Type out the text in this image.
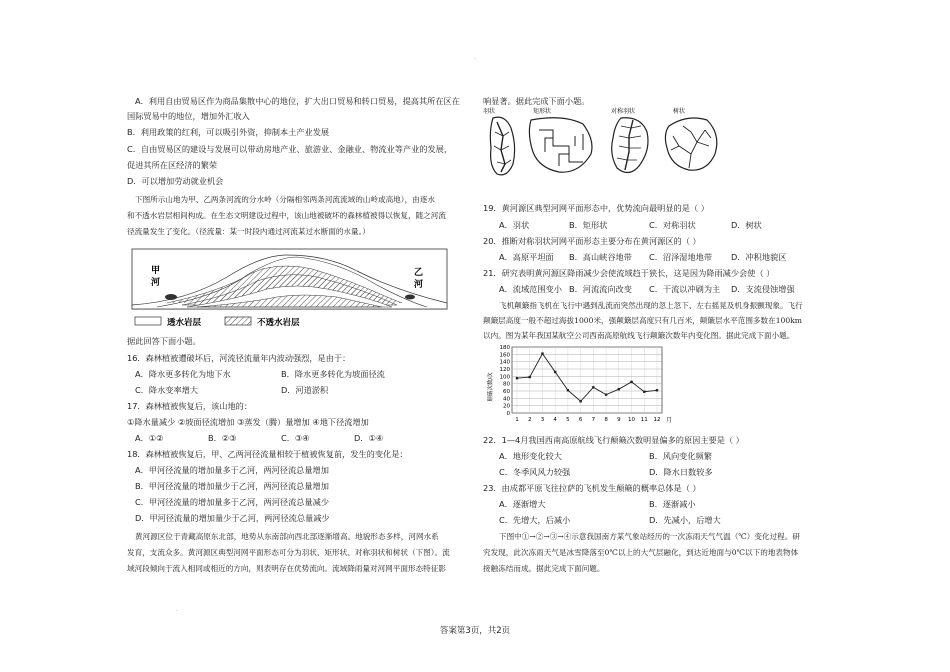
·
A．利用自由贸易区作为商品集散中心的地位，扩大出口贸易和转口贸易，提高其所在区在
国际贸易中的地位，增加外汇收入
B．利用政策的红利，可以吸引外资，抑制本土产业发展
C．自由贸易区的建设与发展可以带动房地产业、旅游业、金融业、物流业等产业的发展，
促进其所在区经济的繁荣
D．可以增加劳动就业机会
下图所示山地为甲、乙两条河流的分水岭（分隔相邻两条河流流域的山岭或高地），由逐水
和不透水岩层相间构成。在生态文明建设过程中，该山地被破坏的森林植被得以恢复，随之河流
径流量发生了变化。（径流量：某一时段内通过河流某过水断面的水量。）
甲
河
乙
河
透水岩层	不透水岩层
据此回答下面小题。
16．森林植被遭破坏后，河流径流量年内波动强烈，是由于：
A．降水更多转化为地下水	B．降水更多转化为坡面径流
C．降水变率增大	D．河道淤积
17．森林植被恢复后，该山地的：
①降水量减少 ②坡面径流增加 ③蒸发（腾）量增加 ④地下径流增加
A．①②	B．②③	C．③④	D．①④
18．森林植被恢复后，甲、乙两河径流量相较于植被恢复前，发生的变化是：
A．甲河径流量的增加量多于乙河，两河径流总量增加
B．甲河径流量的增加量少于乙河，两河径流总量增加
C．甲河径流量的增加量多于乙河，两河径流总量减少
D．甲河径流量的增加量少于乙河，两河径流总量减少
黄河源区位于青藏高原东北部，地势从东南部向西北部逐渐增高。地貌形态多样，河网水系
发育，支流众多。黄河源区典型河网平面形态可分为羽状、矩形状、对称羽状和树状（下图）。流
域河段倾向于流入相同或相近的方向，则表明存在优势流向。流域降雨量对河网平面形态特征影
响显著。据此完成下面小题。
羽状	矩形状	对称羽状	树状
19．黄河源区典型河网平面形态中，优势流向最明显的是（ ）
A．羽状	B．矩形状	C．对称羽状	D．树状
20．推断对称羽状河网平面形态主要分布在黄河源区的（ ）
A．高原平坦面 B．高山峡谷地带 C．沼泽湿地地带 D．冲积地貌区
21．研究表明黄河源区降雨减少会使流域趋于狭长，这是因为降雨减少会使（ ）
A．流域范围变小 B．河流流向改变 C．干流以冲刷为主 D．支流侵蚀增强
飞机颠簸指飞机在飞行中遇到乱流而突然出现的忽上忽下、左右摇晃及机身振颤现象。飞行
颠簸层高度一般不超过海拔1000米，强颠簸层高度只有几百米，颠簸层水平范围多数在100km
以内。图为某年我国某航空公司西南高原航线飞行颠簸次数年内变化图。据此完成下面小题。
0
20
40
60
80
100
120
140
160
180
1 2 3 4 5 6 7 8 9 10 11 12
颠簸次数/次
月
22．1—4月我国西南高原航线飞行颠簸次数明显偏多的原因主要是（ ）
A．地形变化较大	B．风向变化频繁
C．冬季风风力较强	D．降水日数较多
23．由成都平原飞往拉萨的飞机发生颠簸的概率总体是（ ）
A．逐渐增大	B．逐渐减小
C．先增大，后减小	D．先减小，后增大
下图中①→②→③→④示意我国南方某气象站经历的一次冻雨天气气温（℃）变化过程。研
究发现，此次冻雨天气是冰雪降落至0℃以上的大气层融化，到达近地面与0℃以下的地表物体
接触冻结而成。据此完成下面问题。
·
答案第3页，共2页
